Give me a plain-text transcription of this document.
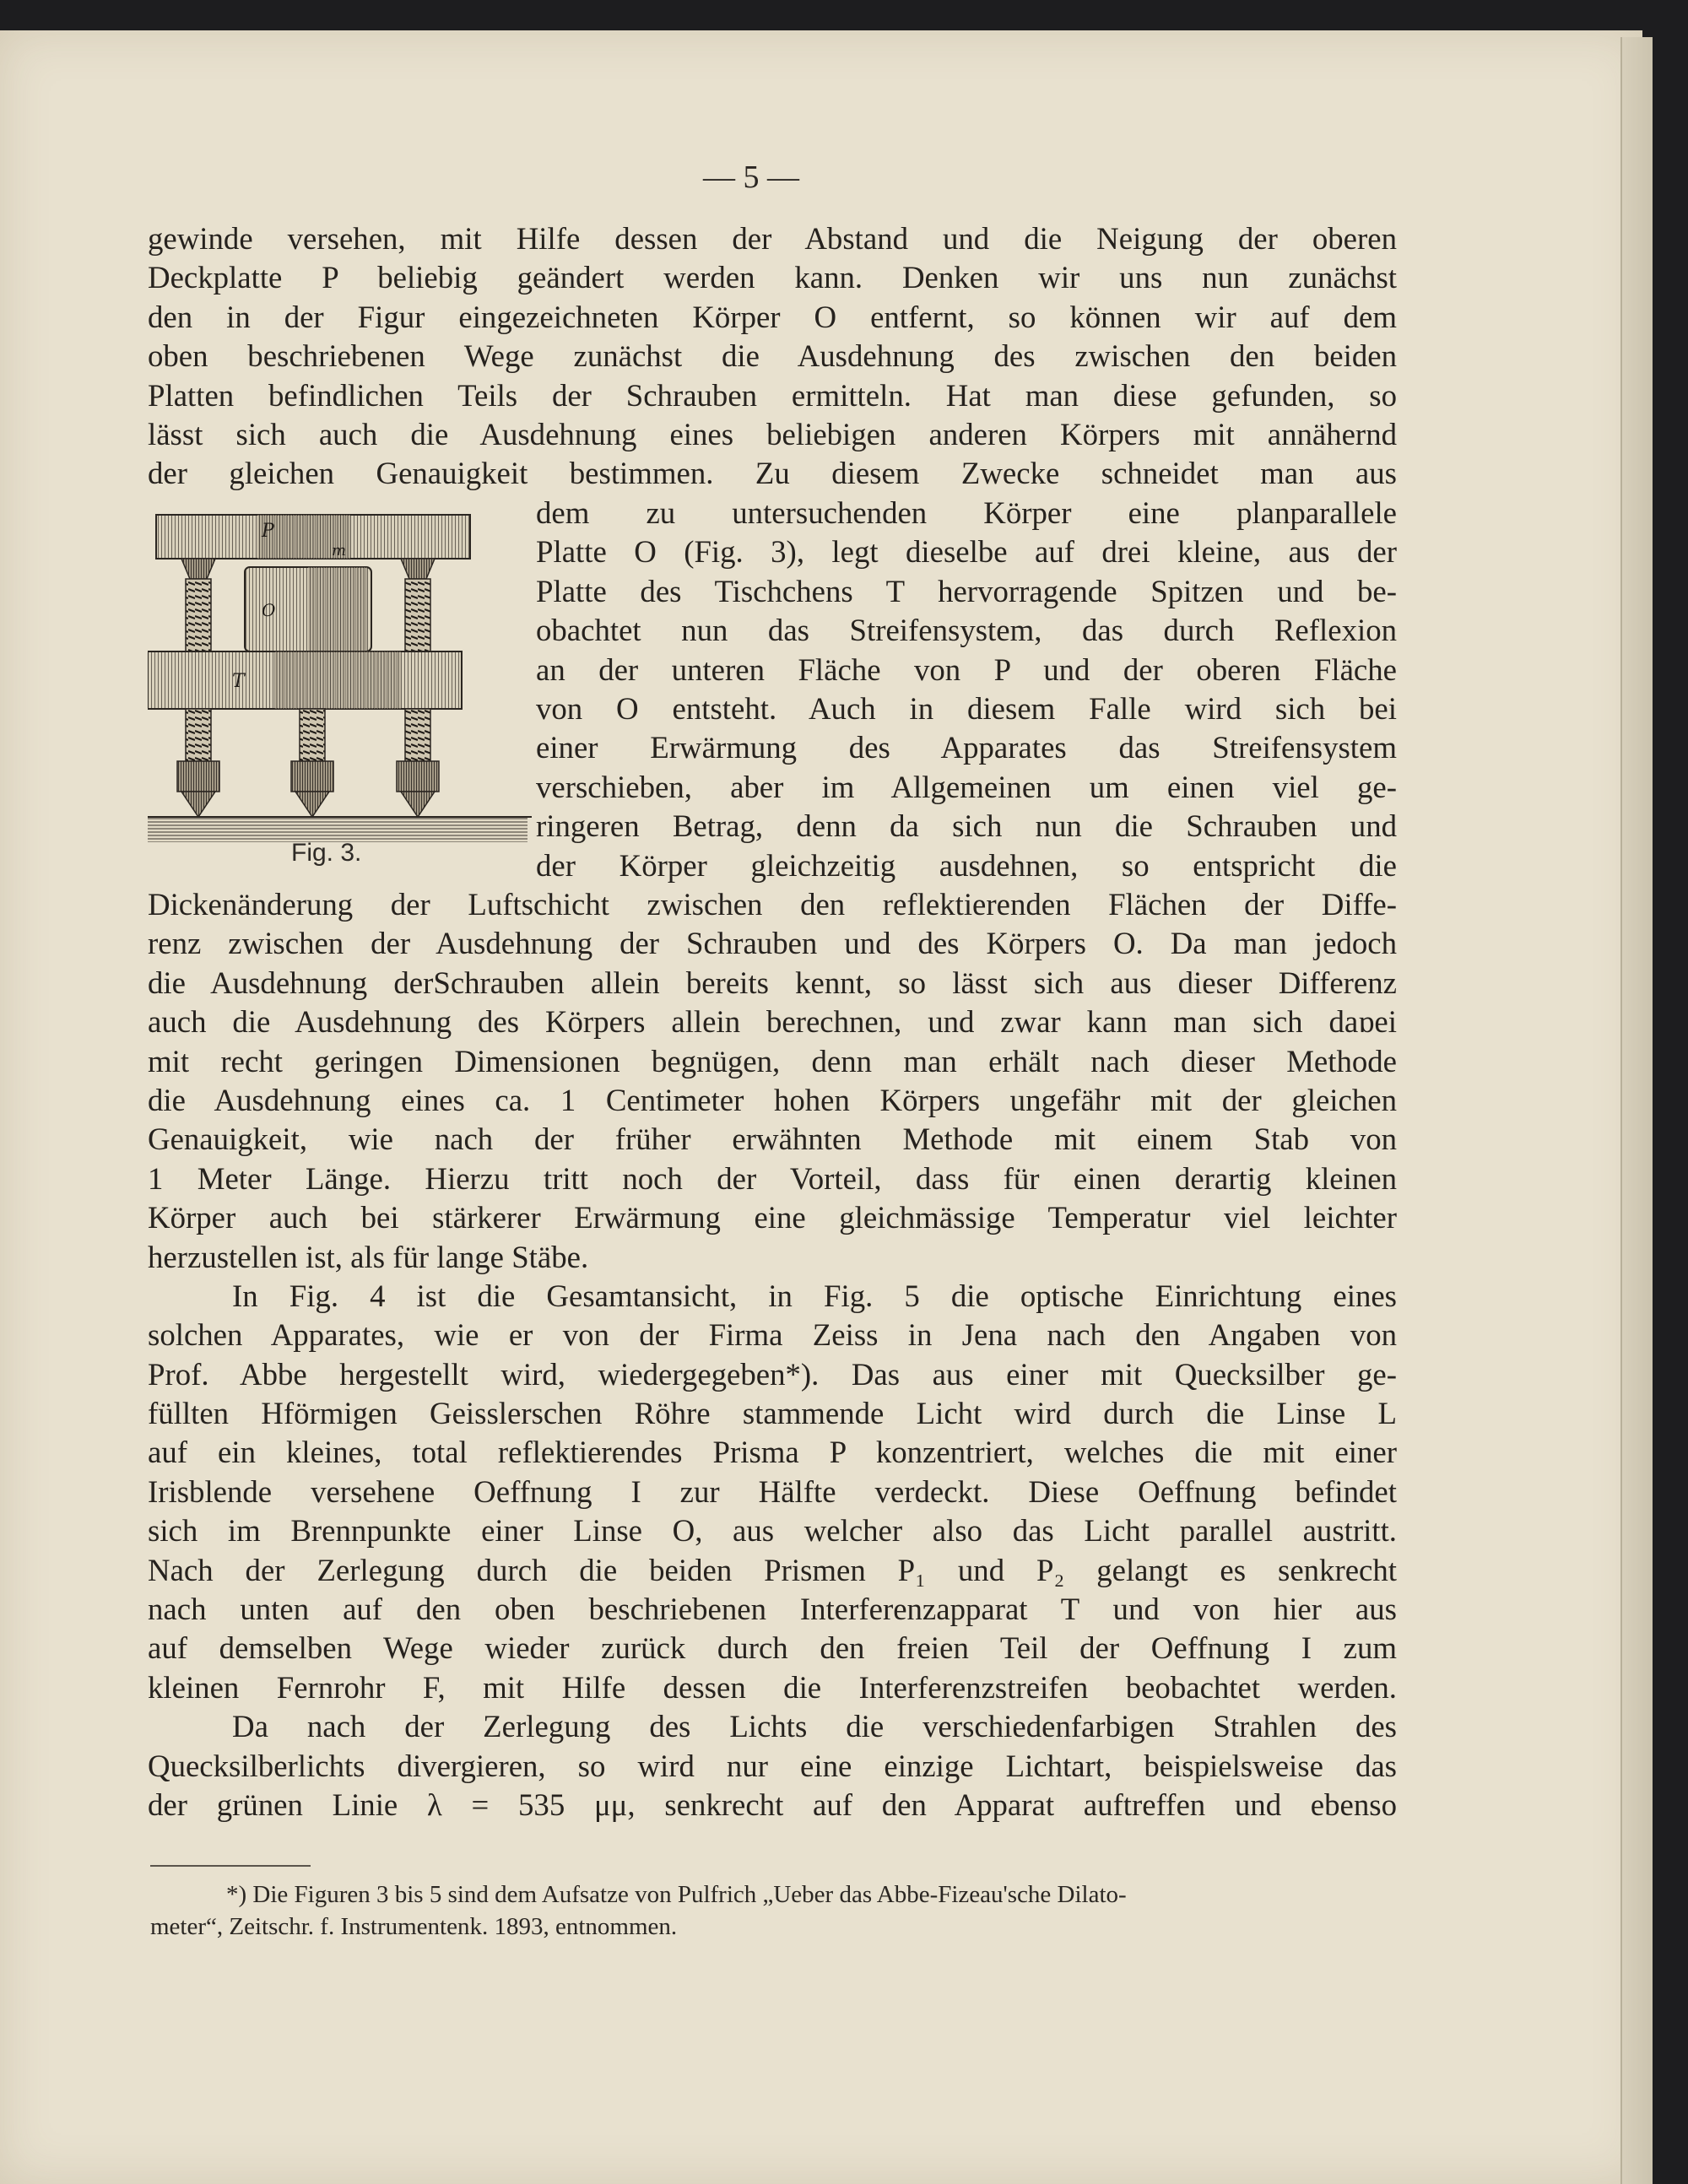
— 5 —
gewinde versehen, mit Hilfe dessen der Abstand und die Neigung der oberen
Deckplatte P beliebig geändert werden kann. Denken wir uns nun zunächst
den in der Figur eingezeichneten Körper O entfernt, so können wir auf dem
oben beschriebenen Wege zunächst die Ausdehnung des zwischen den beiden
Platten befindlichen Teils der Schrauben ermitteln. Hat man diese gefunden, so
lässt sich auch die Ausdehnung eines beliebigen anderen Körpers mit annähernd
der gleichen Genauigkeit bestimmen. Zu diesem Zwecke schneidet man aus
dem zu untersuchenden Körper eine planparallele
Platte O (Fig. 3), legt dieselbe auf drei kleine, aus der
Platte des Tischchens T hervorragende Spitzen und be-
obachtet nun das Streifensystem, das durch Reflexion
an der unteren Fläche von P und der oberen Fläche
von O entsteht. Auch in diesem Falle wird sich bei
einer Erwärmung des Apparates das Streifensystem
verschieben, aber im Allgemeinen um einen viel ge-
ringeren Betrag, denn da sich nun die Schrauben und
der Körper gleichzeitig ausdehnen, so entspricht die
P
m
O
T
Fig. 3.
Dickenänderung der Luftschicht zwischen den reflektierenden Flächen der Diffe-
renz zwischen der Ausdehnung der Schrauben und des Körpers O. Da man jedoch
die Ausdehnung derSchrauben allein bereits kennt, so lässt sich aus dieser Differenz
auch die Ausdehnung des Körpers allein berechnen, und zwar kann man sich daɒei
mit recht geringen Dimensionen begnügen, denn man erhält nach dieser Methode
die Ausdehnung eines ca. 1 Centimeter hohen Körpers ungefähr mit der gleichen
Genauigkeit, wie nach der früher erwähnten Methode mit einem Stab von
1 Meter Länge. Hierzu tritt noch der Vorteil, dass für einen derartig kleinen
Körper auch bei stärkerer Erwärmung eine gleichmässige Temperatur viel leichter
herzustellen ist, als für lange Stäbe.
In Fig. 4 ist die Gesamtansicht, in Fig. 5 die optische Einrichtung eines
solchen Apparates, wie er von der Firma Zeiss in Jena nach den Angaben von
Prof. Abbe hergestellt wird, wiedergegeben*). Das aus einer mit Quecksilber ge-
füllten Hförmigen Geisslerschen Röhre stammende Licht wird durch die Linse L
auf ein kleines, total reflektierendes Prisma P konzentriert, welches die mit einer
Irisblende versehene Oeffnung I zur Hälfte verdeckt. Diese Oeffnung befindet
sich im Brennpunkte einer Linse O, aus welcher also das Licht parallel austritt.
Nach der Zerlegung durch die beiden Prismen P₁ und P₂ gelangt es senkrecht
nach unten auf den oben beschriebenen Interferenzapparat T und von hier aus
auf demselben Wege wieder zurück durch den freien Teil der Oeffnung I zum
kleinen Fernrohr F, mit Hilfe dessen die Interferenzstreifen beobachtet werden.
Da nach der Zerlegung des Lichts die verschiedenfarbigen Strahlen des
Quecksilberlichts divergieren, so wird nur eine einzige Lichtart, beispielsweise das
der grünen Linie λ = 535 μμ, senkrecht auf den Apparat auftreffen und ebenso
*) Die Figuren 3 bis 5 sind dem Aufsatze von Pulfrich „Ueber das Abbe-Fizeau'sche Dilato-
meter“, Zeitschr. f. Instrumentenk. 1893, entnommen.
